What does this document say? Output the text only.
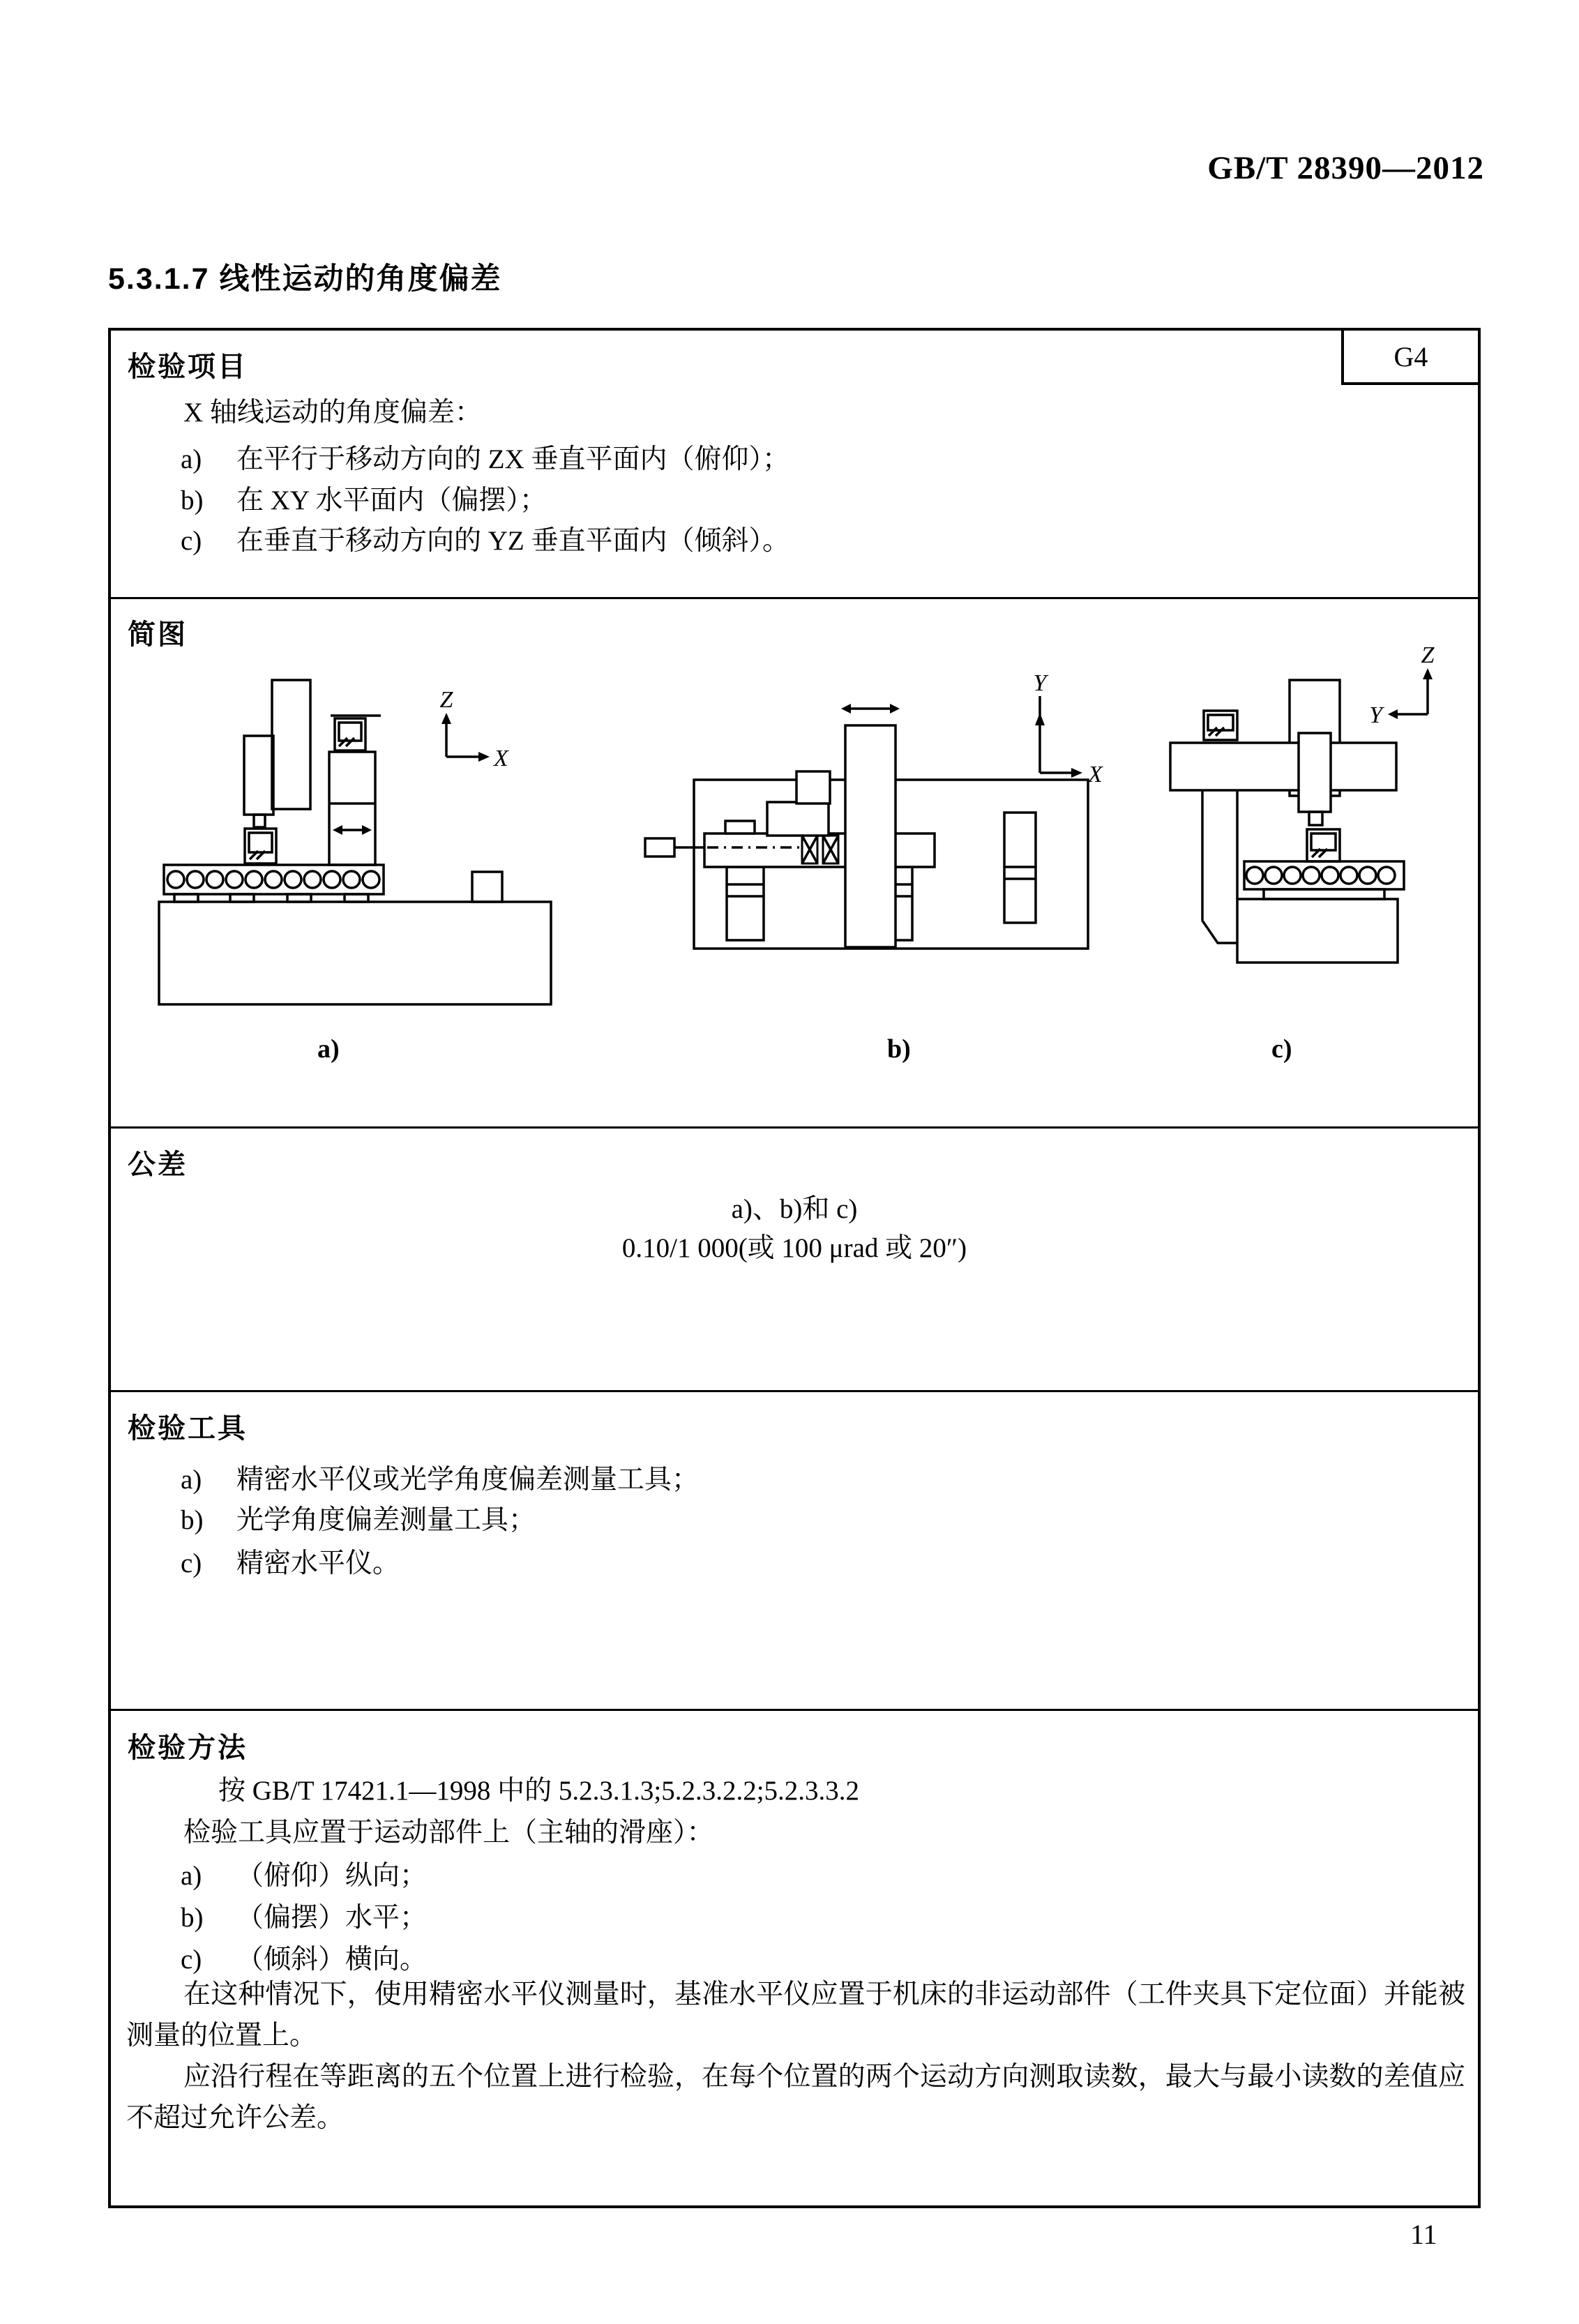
GB/T 28390—2012
5.3.1.7 线性运动的角度偏差
G4
检验项目
X 轴线运动的角度偏差：
a) 在平行于移动方向的 ZX 垂直平面内（俯仰）；
b) 在 XY 水平面内（偏摆）；
c) 在垂直于移动方向的 YZ 垂直平面内（倾斜）。
简图
Z
X
Y
X
Z
Y
a)	b)	c)
公差
a)、b)和 c)
0.10/1 000(或 100 μrad 或 20″)
检验工具
a) 精密水平仪或光学角度偏差测量工具；
b) 光学角度偏差测量工具；
c) 精密水平仪。
检验方法
按 GB/T 17421.1—1998 中的 5.2.3.1.3;5.2.3.2.2;5.2.3.3.2
检验工具应置于运动部件上（主轴的滑座）：
a) （俯仰）纵向；
b) （偏摆）水平；
c) （倾斜）横向。
在这种情况下，使用精密水平仪测量时，基准水平仪应置于机床的非运动部件（工件夹具下定位面）并能被测量的位置上。
应沿行程在等距离的五个位置上进行检验，在每个位置的两个运动方向测取读数，最大与最小读数的差值应不超过允许公差。
11
